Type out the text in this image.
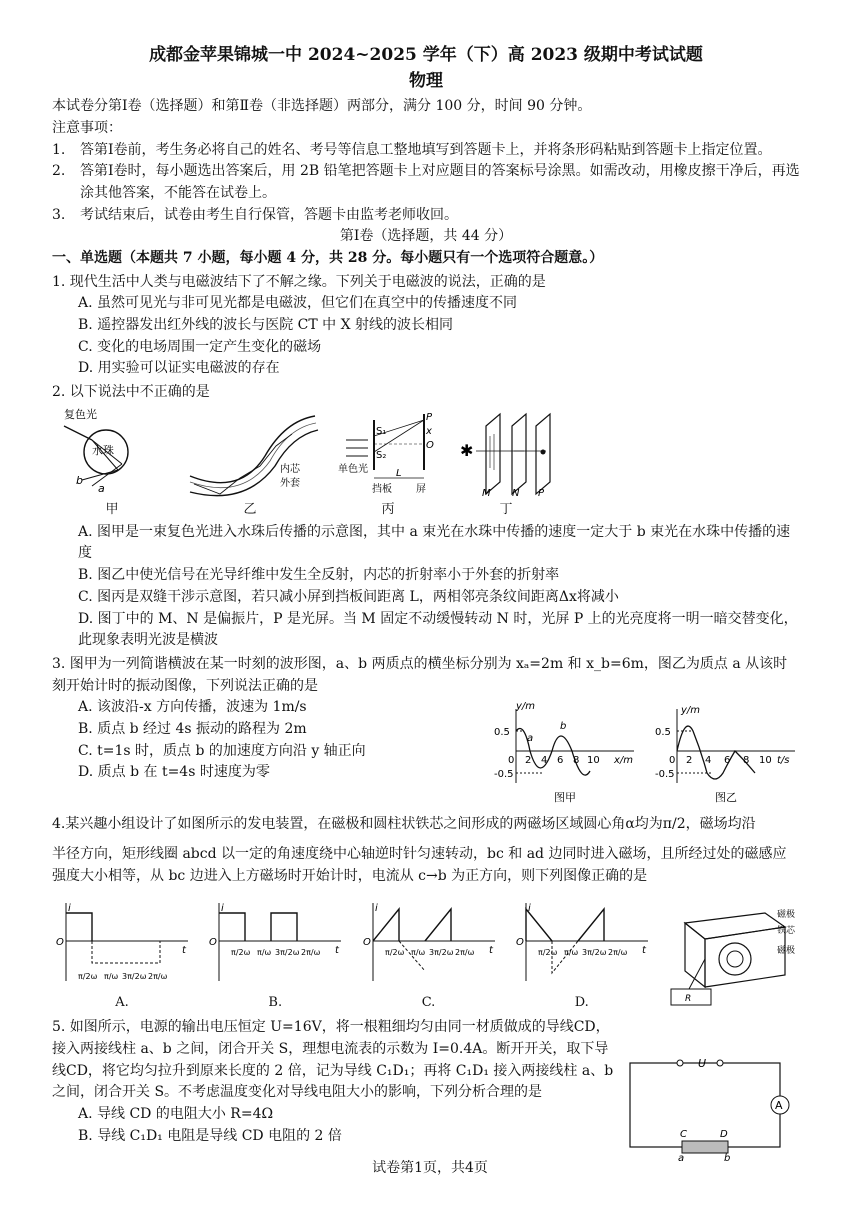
成都金苹果锦城一中 2024~2025 学年（下）高 2023 级期中考试试题
物理

本试卷分第Ⅰ卷（选择题）和第Ⅱ卷（非选择题）两部分，满分 100 分，时间 90 分钟。

注意事项：

1.	答第Ⅰ卷前，考生务必将自己的姓名、考号等信息工整地填写到答题卡上，并将条形码粘贴到答题卡上指定位置。
2.	答第Ⅰ卷时，每小题选出答案后，用 2B 铅笔把答题卡上对应题目的答案标号涂黑。如需改动，用橡皮擦干净后，再选涂其他答案，不能答在试卷上。
3.	考试结束后，试卷由考生自行保管，答题卡由监考老师收回。

第Ⅰ卷（选择题，共 44 分）

一、单选题（本题共 7 小题，每小题 4 分，共 28 分。每小题只有一个选项符合题意。）

1. 现代生活中人类与电磁波结下了不解之缘。下列关于电磁波的说法，正确的是

A. 虽然可见光与非可见光都是电磁波，但它们在真空中的传播速度不同

B. 遥控器发出红外线的波长与医院 CT 中 X 射线的波长相同

C. 变化的电场周围一定产生变化的磁场

D. 用实验可以证实电磁波的存在

2. 以下说法中不正确的是

复色光
水珠
b
a
甲
内芯
外套
乙
S₁
S₂
P
x
O
L
单色光
挡板 屏
丙
✱
M N P
丁

A. 图甲是一束复色光进入水珠后传播的示意图，其中 a 束光在水珠中传播的速度一定大于 b 束光在水珠中传播的速度

B. 图乙中使光信号在光导纤维中发生全反射，内芯的折射率小于外套的折射率

C. 图丙是双缝干涉示意图，若只减小屏到挡板间距离 L，两相邻亮条纹间距离Δx将减小

D. 图丁中的 M、N 是偏振片，P 是光屏。当 M 固定不动缓慢转动 N 时，光屏 P 上的光亮度将一明一暗交替变化，此现象表明光波是横波

3. 图甲为一列简谐横波在某一时刻的波形图，a、b 两质点的横坐标分别为 xₐ=2m 和 x_b=6m，图乙为质点 a 从该时刻开始计时的振动图像，下列说法正确的是

A. 该波沿-x 方向传播，波速为 1m/s

B. 质点 b 经过 4s 振动的路程为 2m

C. t=1s 时，质点 b 的加速度方向沿 y 轴正向

D. 质点 b 在 t=4s 时速度为零

y/m
x/m
0.5
-0.5
0 2 4 6 8 10
a
b
图甲
y/m
t/s
0.5
-0.5
0 2 4 6 8 10
图乙

4.某兴趣小组设计了如图所示的发电装置，在磁极和圆柱状铁芯之间形成的两磁场区域圆心角α均为π/2，磁场均沿

半径方向，矩形线圈 abcd 以一定的角速度绕中心轴逆时针匀速转动，bc 和 ad 边同时进入磁场，且所经过处的磁感应强度大小相等，从 bc 边进入上方磁场时开始计时，电流从 c→b 为正方向，则下列图像正确的是

O
i
t
π/2ω π/ω 3π/2ω 2π/ω
A.
O
i
t
π/2ω π/ω 3π/2ω 2π/ω
B.
O
i
t
π/2ω π/ω 3π/2ω 2π/ω
C.
O
i
t
π/2ω π/ω 3π/2ω 2π/ω
D.	R
磁极
铁芯
磁极

5. 如图所示，电源的输出电压恒定 U=16V，将一根粗细均匀由同一材质做成的导线CD，接入两接线柱 a、b 之间，闭合开关 S，理想电流表的示数为 I=0.4A。断开开关，取下导线CD，将它均匀拉升到原来长度的 2 倍，记为导线 C₁D₁；再将 C₁D₁ 接入两接线柱 a、b 之间，闭合开关 S。不考虑温度变化对导线电阻大小的影响，下列分析合理的是

A. 导线 CD 的电阻大小 R=4Ω

B. 导线 C₁D₁ 电阻是导线 CD 电阻的 2 倍

U
A
C	D
a	b
试卷第1页，共4页
